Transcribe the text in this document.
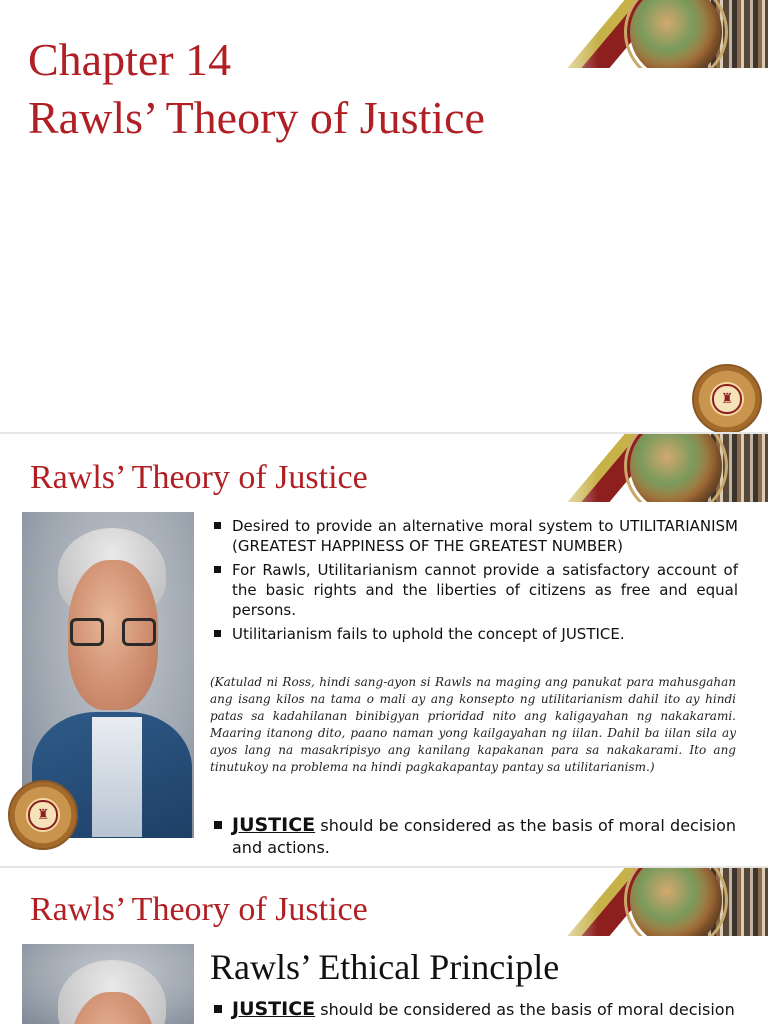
Chapter 14
Rawls’ Theory of Justice
♜
Rawls’ Theory of Justice
♜
Desired to provide an alternative moral system to UTILITARIANISM (GREATEST HAPPINESS OF THE GREATEST NUMBER)
For Rawls, Utilitarianism cannot provide a satisfactory account of the basic rights and the liberties of citizens as free and equal persons.
Utilitarianism fails to uphold the concept of JUSTICE.

(Katulad ni Ross, hindi sang-ayon si Rawls na maging ang panukat para mahusgahan ang isang kilos na tama o mali ay ang konsepto ng utilitarianism dahil ito ay hindi patas sa kadahilanan binibigyan prioridad nito ang kaligayahan ng nakakarami. Maaring itanong dito, paano naman yong kailgayahan ng iilan. Dahil ba iilan sila ay ayos lang na masakripisyo ang kanilang kapakanan para sa nakakarami. Ito ang tinutukoy na problema na hindi pagkakapantay pantay sa utilitarianism.)

JUSTICE should be considered as the basis of moral decision and actions.
Rawls’ Theory of Justice
Rawls’ Ethical Principle
JUSTICE should be considered as the basis of moral decision
